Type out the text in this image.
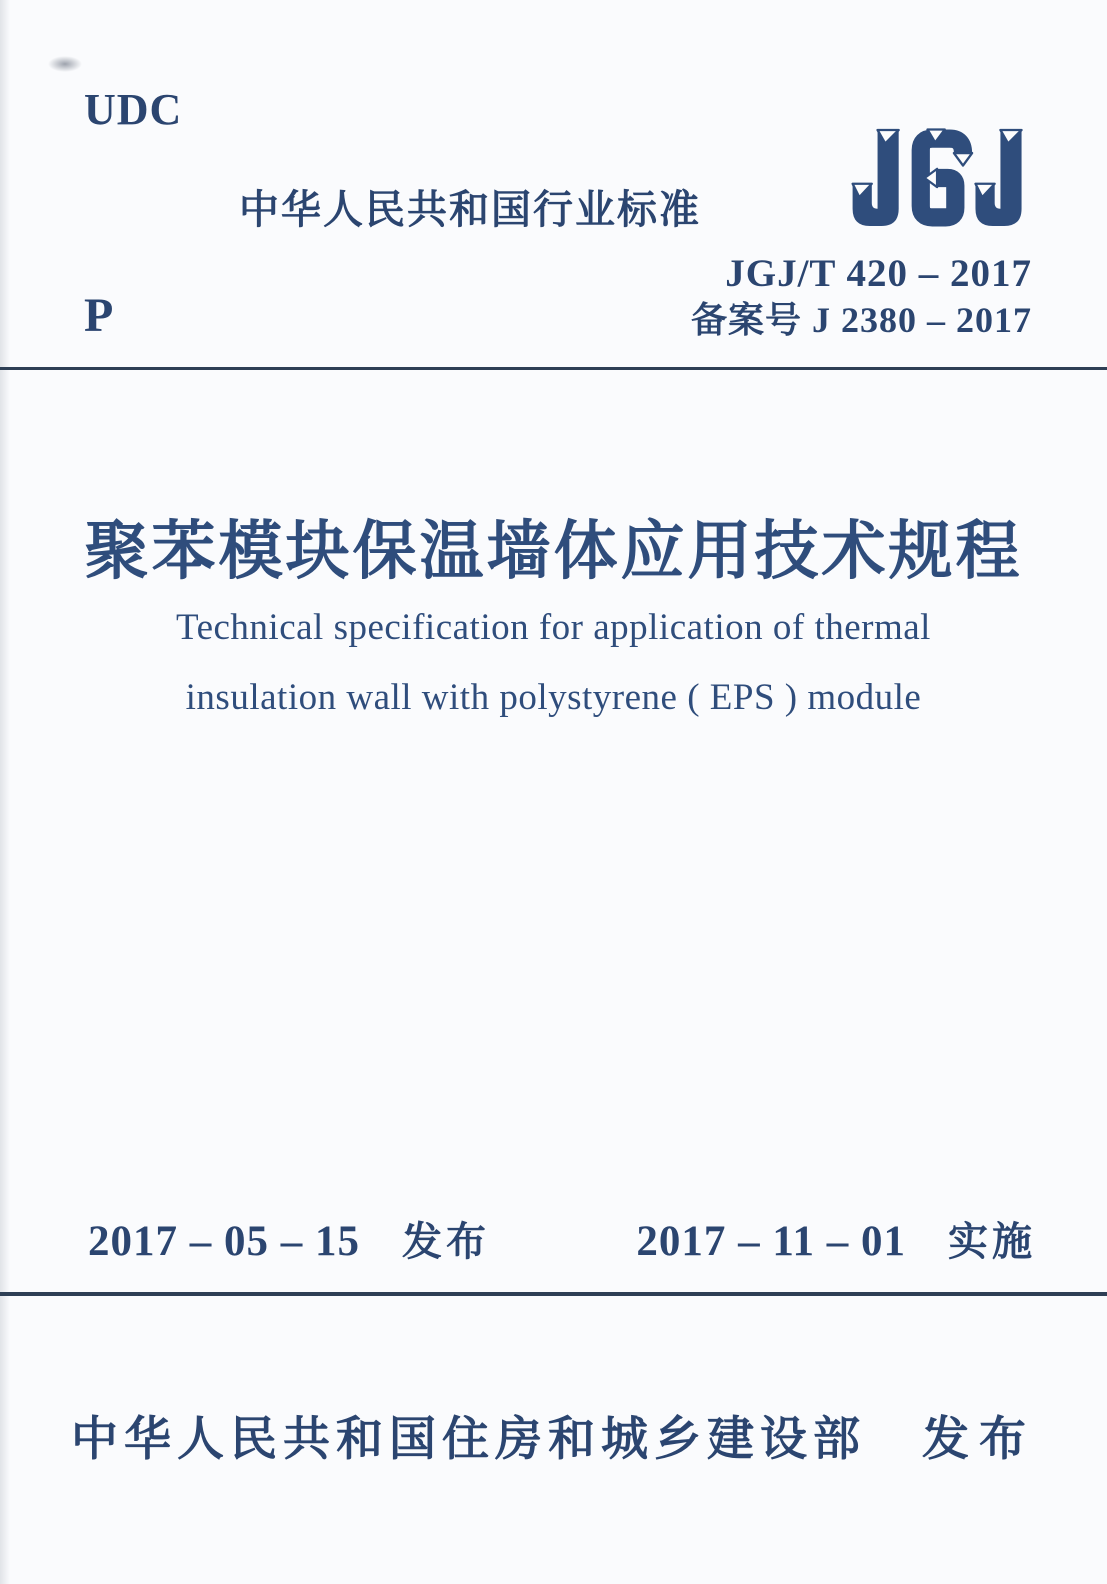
UDC
中华人民共和国行业标准
JGJ/T 420 – 2017
备案号 J 2380 – 2017
P
聚苯模块保温墙体应用技术规程
Technical specification for application of thermal
insulation wall with polystyrene ( EPS ) module
2017 – 05 – 15 发布	2017 – 11 – 01 实施
中华人民共和国住房和城乡建设部 发布
